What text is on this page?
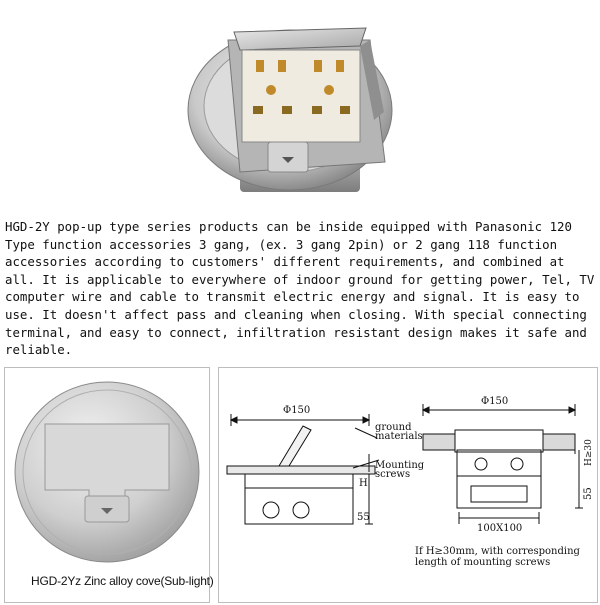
HGD-2Y pop-up type series products can be inside equipped with Panasonic 120 Type function accessories 3 gang, (ex. 3 gang 2pin) or 2 gang 118 function accessories according to customers' different requirements, and combined at all. It is applicable to everywhere of indoor ground for getting power, Tel, TV computer wire and cable to transmit electric energy and signal. It is easy to use. It doesn't affect pass and cleaning when closing. With special connecting terminal, and easy to connect, infiltration resistant design makes it safe and reliable.

HGD-2Yz Zinc alloy cove(Sub-light)
Φ150
ground
materials
Mounting
screws
H
55
Φ150
H≥30
55
100X100
If H≥30mm, with corresponding
length of mounting screws
